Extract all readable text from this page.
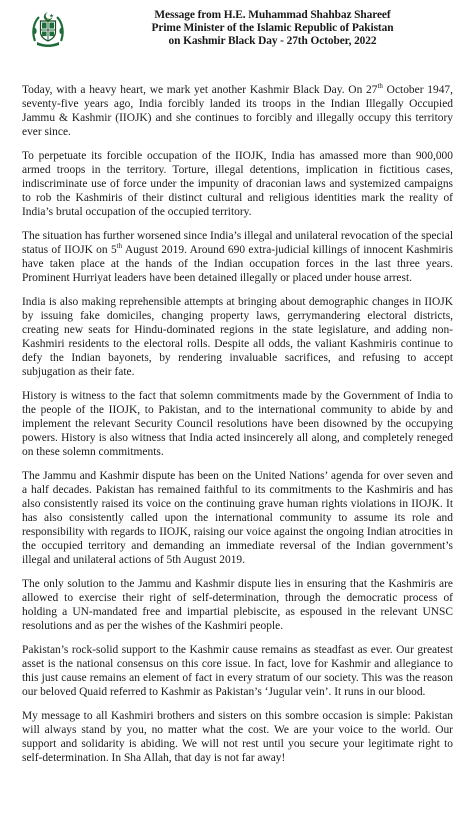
Message from H.E. Muhammad Shahbaz Shareef
Prime Minister of the Islamic Republic of Pakistan
on Kashmir Black Day - 27th October, 2022

Today, with a heavy heart, we mark yet another Kashmir Black Day. On 27th October 1947, seventy-five years ago, India forcibly landed its troops in the Indian Illegally Occupied Jammu & Kashmir (IIOJK) and she continues to forcibly and illegally occupy this territory ever since.

To perpetuate its forcible occupation of the IIOJK, India has amassed more than 900,000 armed troops in the territory. Torture, illegal detentions, implication in fictitious cases, indiscriminate use of force under the impunity of draconian laws and systemized campaigns to rob the Kashmiris of their distinct cultural and religious identities mark the reality of India’s brutal occupation of the occupied territory.

The situation has further worsened since India’s illegal and unilateral revocation of the special status of IIOJK on 5th August 2019. Around 690 extra-judicial killings of innocent Kashmiris have taken place at the hands of the Indian occupation forces in the last three years. Prominent Hurriyat leaders have been detained illegally or placed under house arrest.

India is also making reprehensible attempts at bringing about demographic changes in IIOJK by issuing fake domiciles, changing property laws, gerrymandering electoral districts, creating new seats for Hindu-dominated regions in the state legislature, and adding non-Kashmiri residents to the electoral rolls. Despite all odds, the valiant Kashmiris continue to defy the Indian bayonets, by rendering invaluable sacrifices, and refusing to accept subjugation as their fate.

History is witness to the fact that solemn commitments made by the Government of India to the people of the IIOJK, to Pakistan, and to the international community to abide by and implement the relevant Security Council resolutions have been disowned by the occupying powers. History is also witness that India acted insincerely all along, and completely reneged on these solemn commitments.

The Jammu and Kashmir dispute has been on the United Nations’ agenda for over seven and a half decades. Pakistan has remained faithful to its commitments to the Kashmiris and has also consistently raised its voice on the continuing grave human rights violations in IIOJK. It has also consistently called upon the international community to assume its role and responsibility with regards to IIOJK, raising our voice against the ongoing Indian atrocities in the occupied territory and demanding an immediate reversal of the Indian government’s illegal and unilateral actions of 5th August 2019.

The only solution to the Jammu and Kashmir dispute lies in ensuring that the Kashmiris are allowed to exercise their right of self-determination, through the democratic process of holding a UN-mandated free and impartial plebiscite, as espoused in the relevant UNSC resolutions and as per the wishes of the Kashmiri people.

Pakistan’s rock-solid support to the Kashmir cause remains as steadfast as ever. Our greatest asset is the national consensus on this core issue. In fact, love for Kashmir and allegiance to this just cause remains an element of fact in every stratum of our society. This was the reason our beloved Quaid referred to Kashmir as Pakistan’s ‘Jugular vein’. It runs in our blood.

My message to all Kashmiri brothers and sisters on this sombre occasion is simple: Pakistan will always stand by you, no matter what the cost. We are your voice to the world. Our support and solidarity is abiding. We will not rest until you secure your legitimate right to self-determination. In Sha Allah, that day is not far away!
